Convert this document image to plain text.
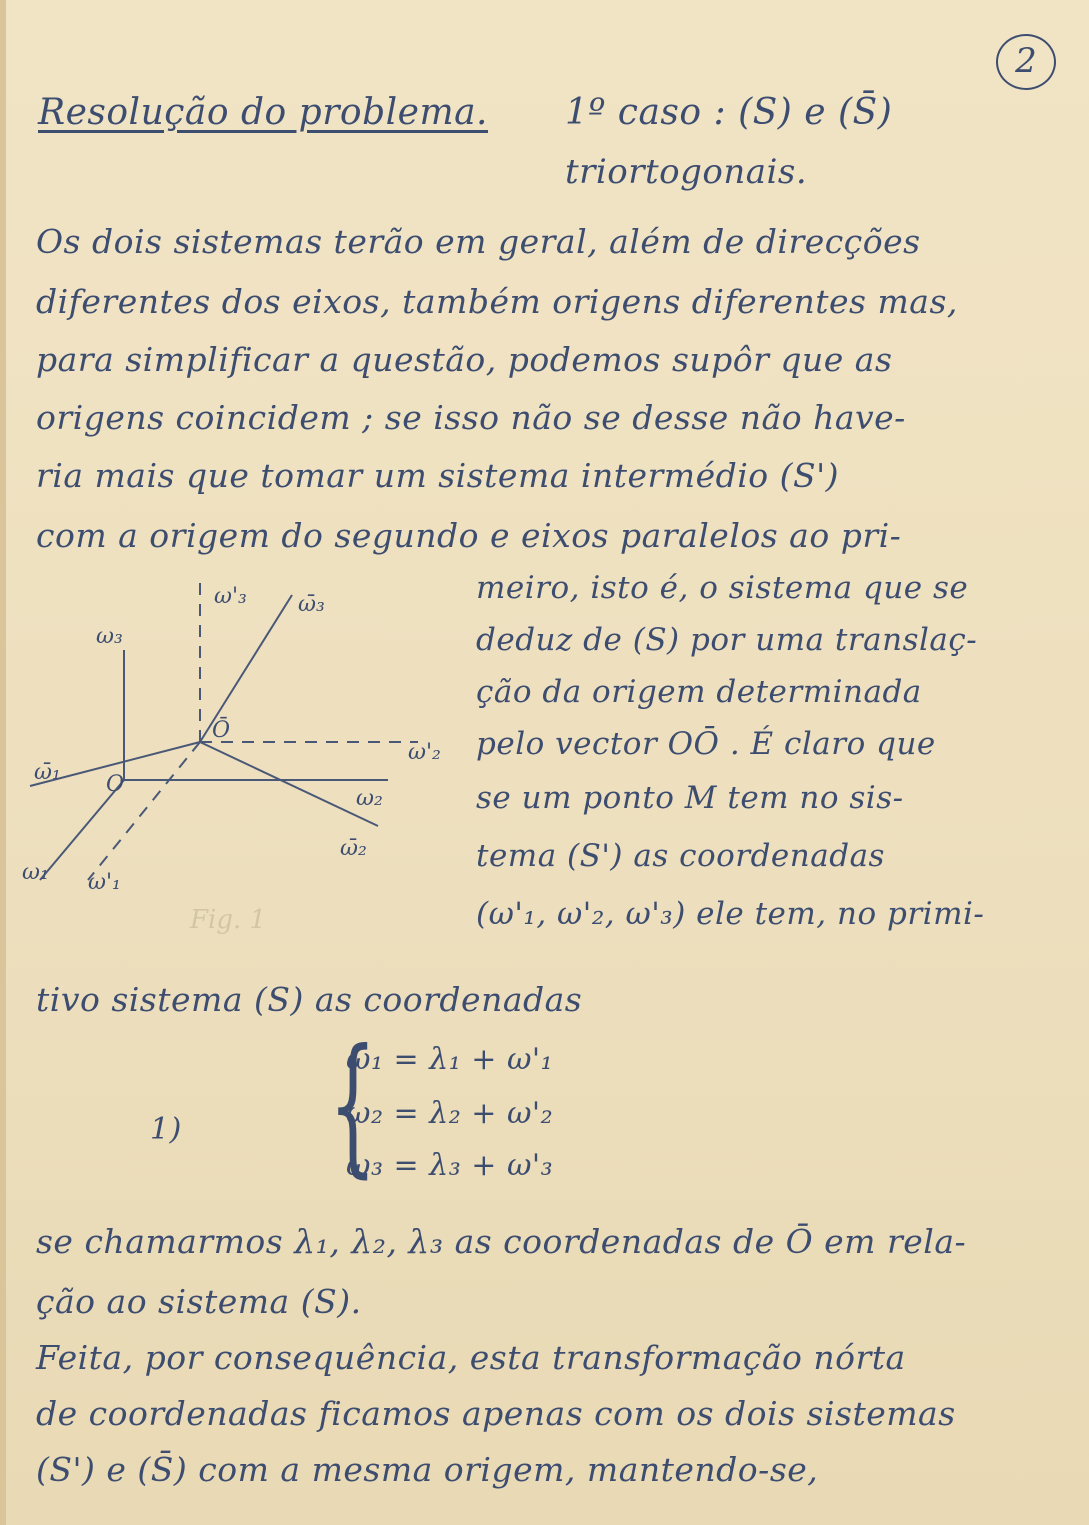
2

Resolução do problema. 1º caso : (S) e (S̄)

triortogonais.

Os dois sistemas terão em geral, além de direcções

diferentes dos eixos, também origens diferentes mas,

para simplificar a questão, podemos supôr que as

origens coincidem ; se isso não se desse não have-

ria mais que tomar um sistema intermédio (S')

com a origem do segundo e eixos paralelos ao pri-

meiro, isto é, o sistema que se

deduz de (S) por uma translaç-

ção da origem determinada

pelo vector OŌ . É claro que

se um ponto M tem no sis-

tema (S') as coordenadas

(ω'₁, ω'₂, ω'₃) ele tem, no primi-

ω'₃ ω̄₃
ω₃
Ō
ω'₂
ω̄₁ O
ω₂
ω̄₂
ω₁ ω'₁
Fig. 1

tivo sistema (S) as coordenadas

1) {

ω₁ = λ₁ + ω'₁

ω₂ = λ₂ + ω'₂

ω₃ = λ₃ + ω'₃

se chamarmos λ₁, λ₂, λ₃ as coordenadas de Ō em rela-

ção ao sistema (S).

Feita, por consequência, esta transformação nórta

de coordenadas ficamos apenas com os dois sistemas

(S') e (S̄) com a mesma origem, mantendo-se,
